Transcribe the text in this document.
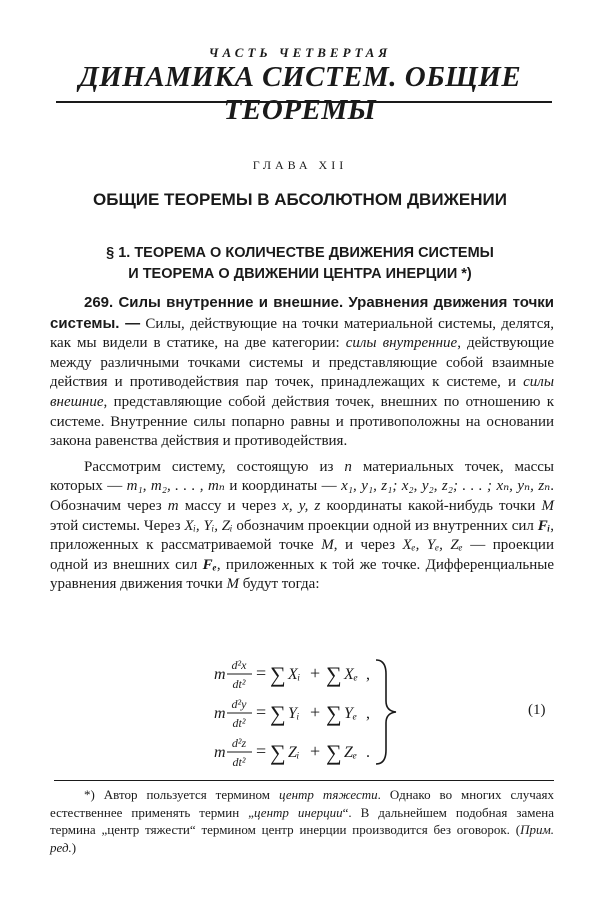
ЧАСТЬ ЧЕТВЕРТАЯ
ДИНАМИКА СИСТЕМ. ОБЩИЕ ТЕОРЕМЫ
ГЛАВА XII
ОБЩИЕ ТЕОРЕМЫ В АБСОЛЮТНОМ ДВИЖЕНИИ
§ 1. ТЕОРЕМА О КОЛИЧЕСТВЕ ДВИЖЕНИЯ СИСТЕМЫ
И ТЕОРЕМА О ДВИЖЕНИИ ЦЕНТРА ИНЕРЦИИ *)

269. Силы внутренние и внешние. Уравнения движения точки системы. — Силы, действующие на точки материальной системы, делятся, как мы видели в статике, на две категории: силы внутренние, действующие между различными точками системы и представляющие собой взаимные действия и противодействия пар точек, принадлежащих к системе, и силы внешние, представляющие собой действия точек, внешних по отношению к системе. Внутренние силы попарно равны и противоположны на основании закона равенства действия и противодействия.

Рассмотрим систему, состоящую из n материальных точек, массы которых — m₁, m₂, . . . , mₙ и координаты — x₁, y₁, z₁; x₂, y₂, z₂; . . . ; xₙ, yₙ, zₙ. Обозначим через m массу и через x, y, z координаты какой-нибудь точки M этой системы. Через Xᵢ, Yᵢ, Zᵢ обозначим проекции одной из внутренних сил Fᵢ, приложенных к рассматриваемой точке M, и через Xₑ, Yₑ, Zₑ — проекции одной из внешних сил Fₑ, приложенных к той же точке. Дифференциальные уравнения движения точки M будут тогда:

m
d²x
dt²
= ∑ Xᵢ + ∑ Xₑ ,
m
d²y
dt²
= ∑ Yᵢ + ∑ Yₑ ,
m
d²z
dt²
= ∑ Zᵢ + ∑ Zₑ .
(1)
*) Автор пользуется термином центр тяжести. Однако во многих случаях естественнее применять термин „центр инерции“. В дальнейшем подобная замена термина „центр тяжести“ термином центр инерции производится без оговорок. (Прим. ред.)
